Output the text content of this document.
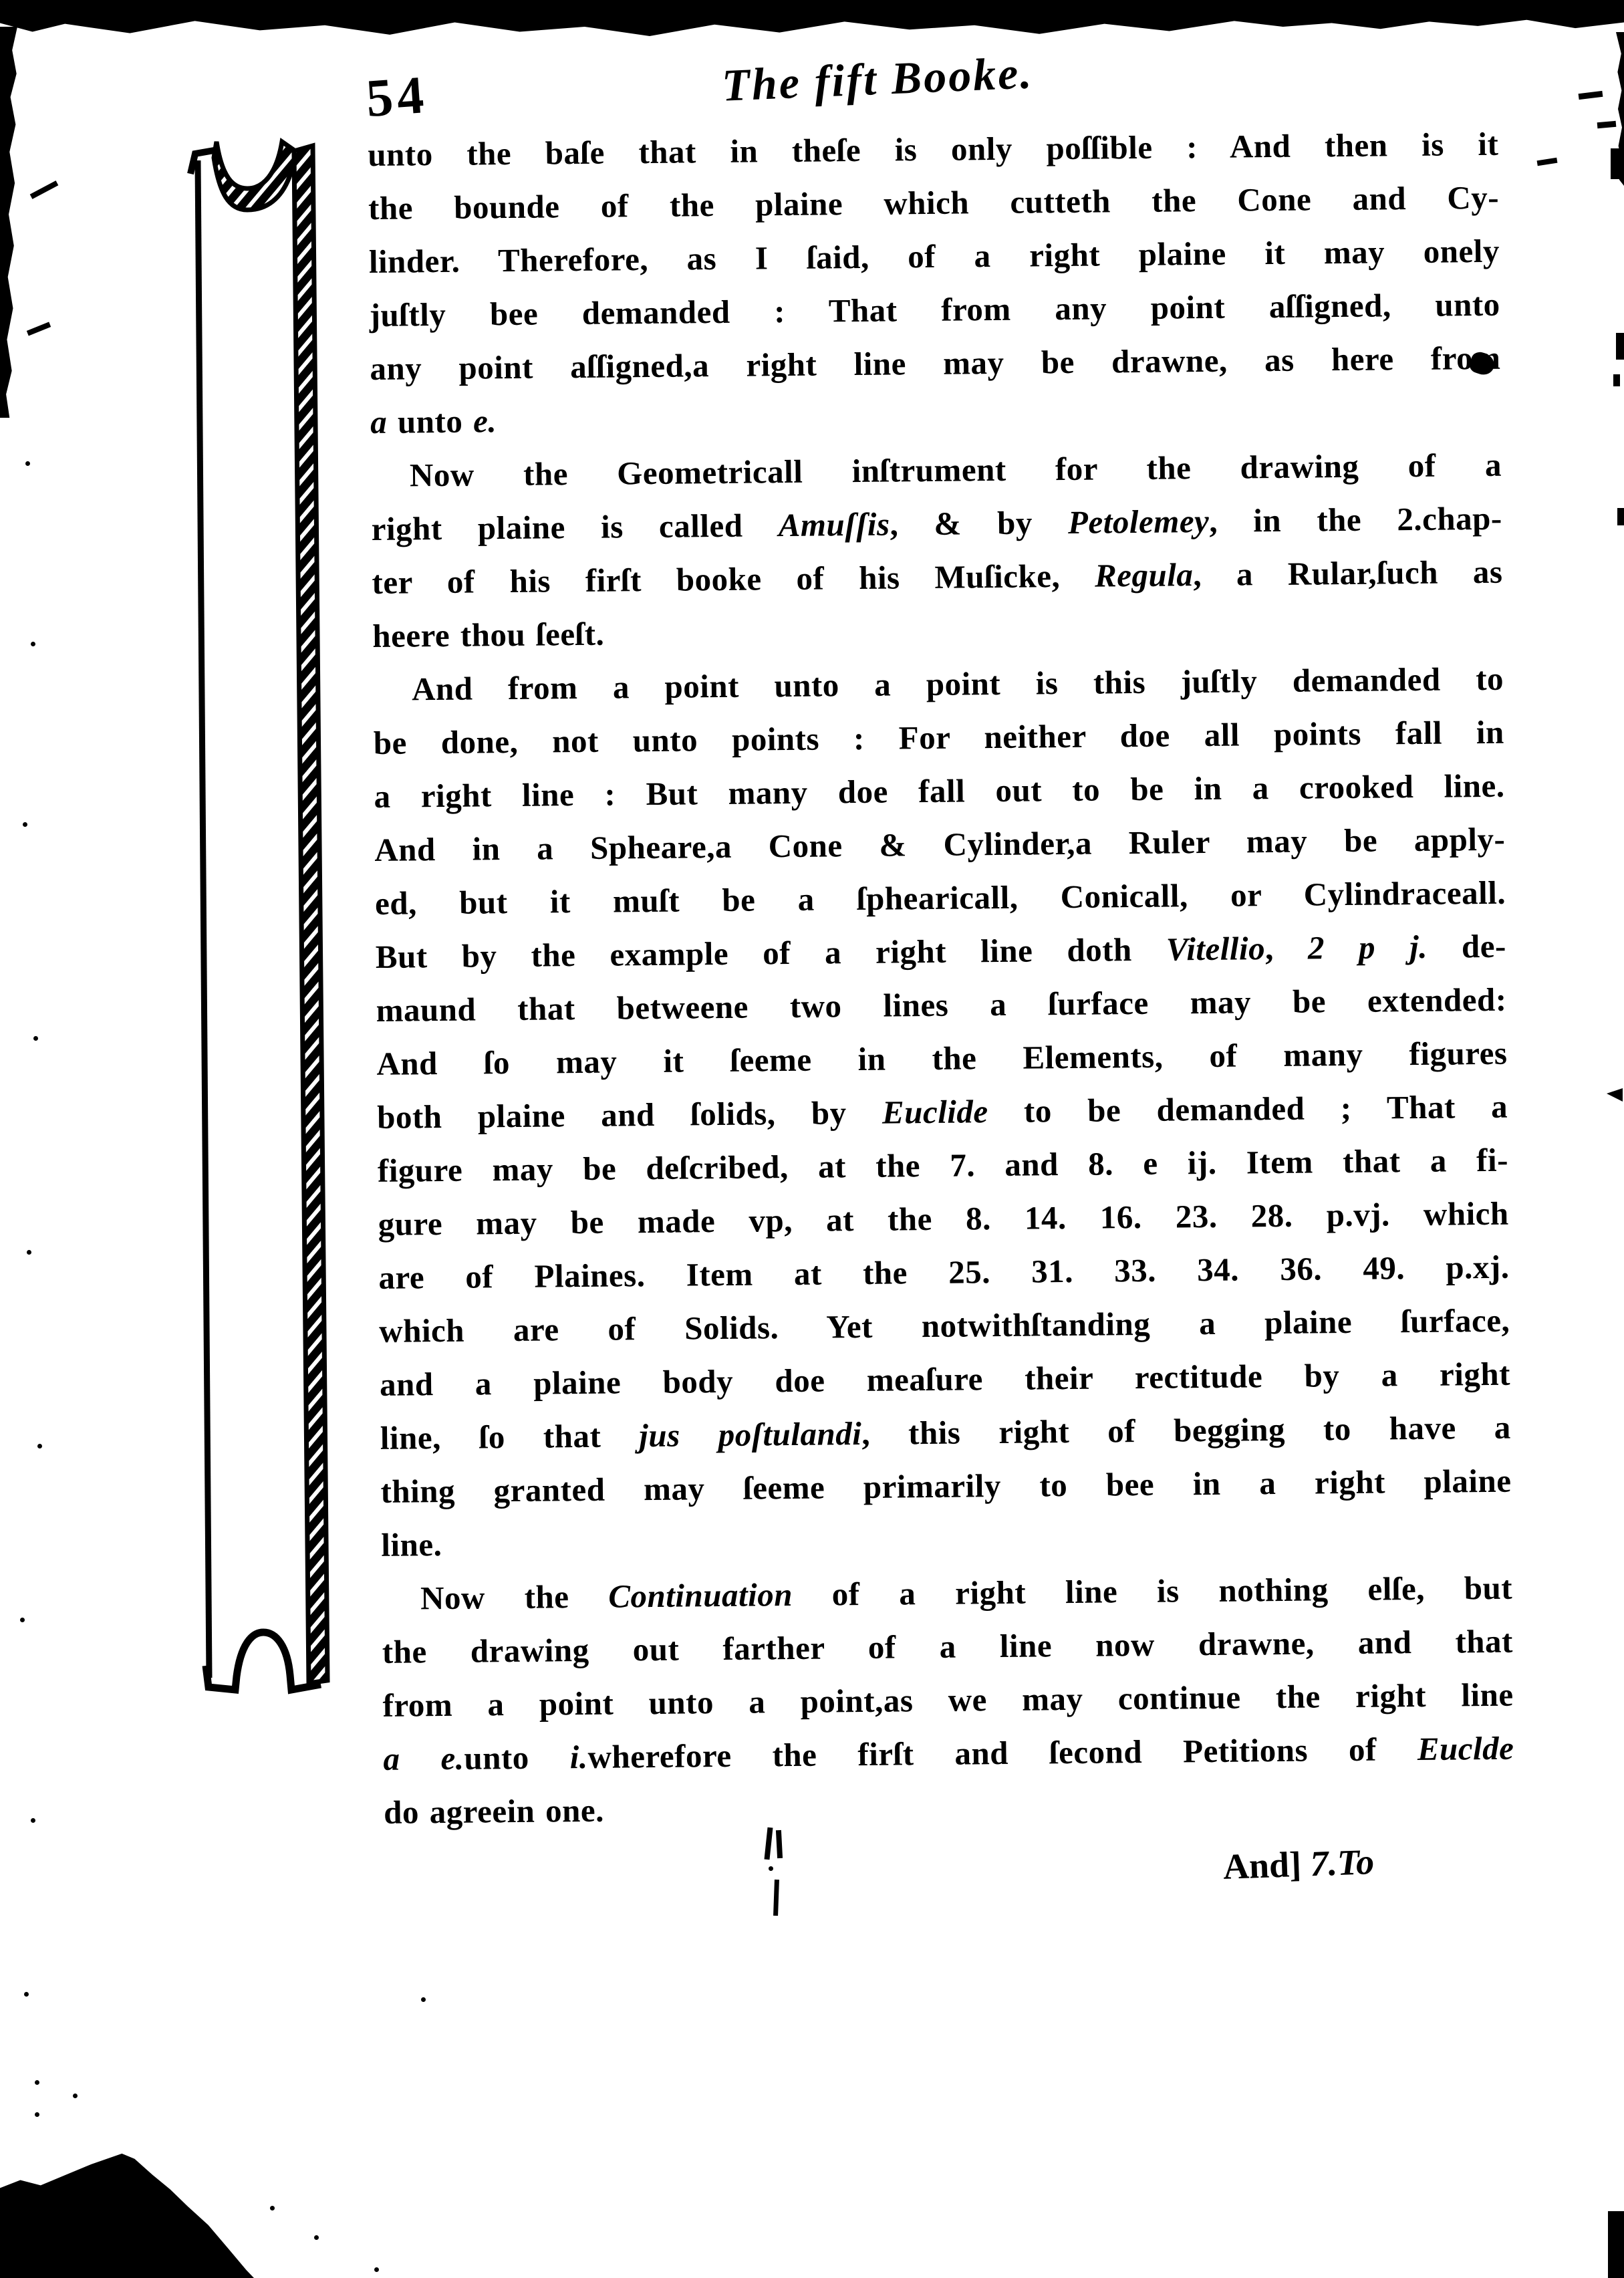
54	The fift Booke.
unto the baſe that in theſe is only poſſible : And then is it
the bounde of the plaine which cutteth the Cone and Cy-
linder. Therefore, as I ſaid, of a right plaine it may onely
juſtly bee demanded : That from any point aſſigned, unto
any point aſſigned,a right line may be drawne, as here from
a unto e.
Now the Geometricall inſtrument for the drawing of a
right plaine is called Amuſſis, & by Petolemey, in the 2.chap-
ter of his firſt booke of his Muſicke, Regula, a Rular,ſuch as
heere thou ſeeſt.
And from a point unto a point is this juſtly demanded to
be done, not unto points : For neither doe all points fall in
a right line : But many doe fall out to be in a crooked line.
And in a Spheare,a Cone & Cylinder,a Ruler may be apply-
ed, but it muſt be a ſphearicall, Conicall, or Cylindraceall.
But by the example of a right line doth Vitellio, 2 p j. de-
maund that betweene two lines a ſurface may be extended:
And ſo may it ſeeme in the Elements, of many figures
both plaine and ſolids, by Euclide to be demanded ; That a
figure may be deſcribed, at the 7. and 8. e ij. Item that a fi-
gure may be made vp, at the 8. 14. 16. 23. 28. p.vj. which
are of Plaines. Item at the 25. 31. 33. 34. 36. 49. p.xj.
which are of Solids. Yet notwithſtanding a plaine ſurface,
and a plaine body doe meaſure their rectitude by a right
line, ſo that jus poſtulandi, this right of begging to have a
thing granted may ſeeme primarily to bee in a right plaine
line.
Now the Continuation of a right line is nothing elſe, but
the drawing out farther of a line now drawne, and that
from a point unto a point,as we may continue the right line
a e.unto i.wherefore the firſt and ſecond Petitions of Euclde
do agreein one.
And] 7.To
